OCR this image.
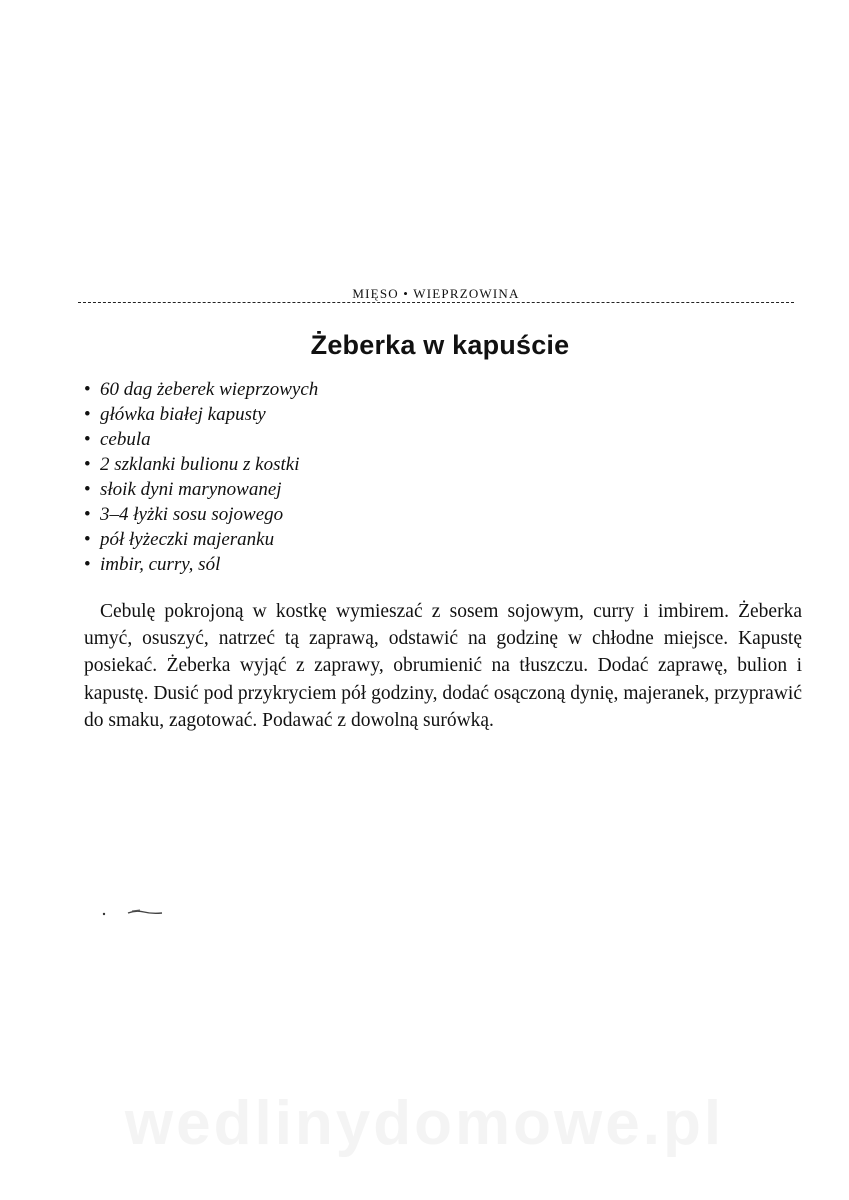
MIĘSO • WIEPRZOWINA
Żeberka w kapuście
• 60 dag żeberek wieprzowych
• główka białej kapusty
• cebula
• 2 szklanki bulionu z kostki
• słoik dyni marynowanej
• 3–4 łyżki sosu sojowego
• pół łyżeczki majeranku
• imbir, curry, sól

Cebulę pokrojoną w kostkę wymieszać z sosem sojowym, curry i imbirem. Żeberka umyć, osuszyć, natrzeć tą zaprawą, odstawić na godzinę w chłodne miejsce. Kapustę posiekać. Żeberka wyjąć z zaprawy, obrumienić na tłuszczu. Dodać zaprawę, bulion i kapustę. Dusić pod przykryciem pół godziny, dodać osączoną dynię, majeranek, przyprawić do smaku, zagotować. Podawać z dowolną surówką.

wedlinydomowe.pl
